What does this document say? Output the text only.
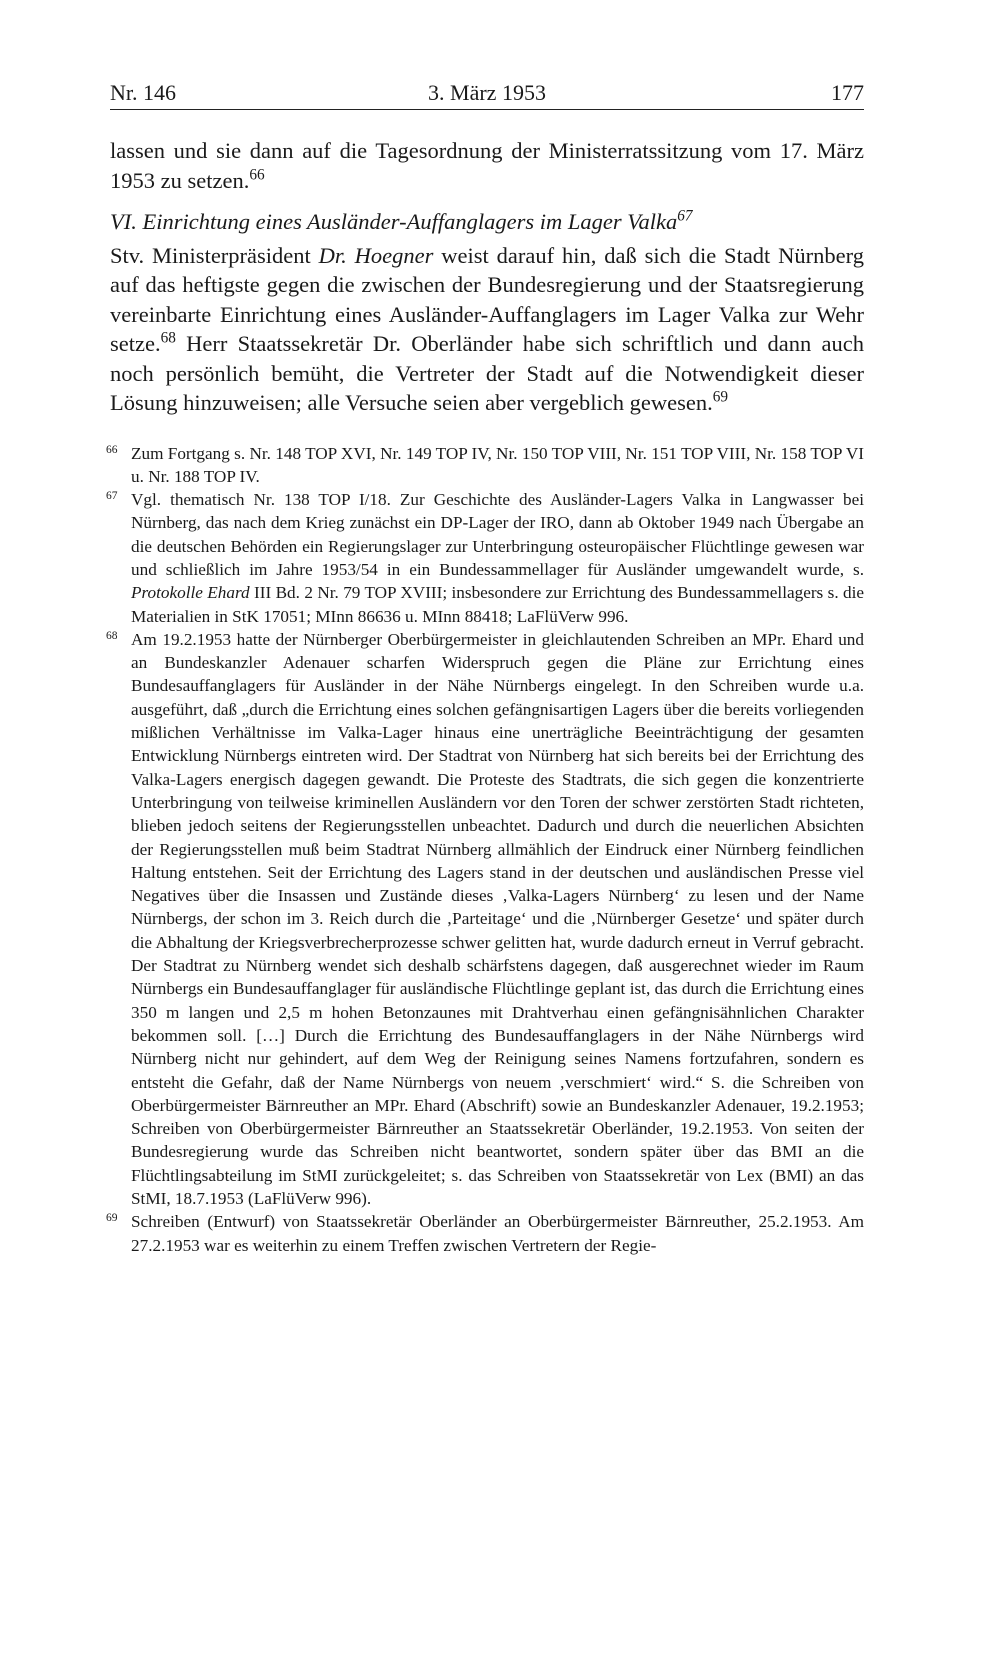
Nr. 146	3. März 1953	177

lassen und sie dann auf die Tagesordnung der Ministerratssitzung vom 17. März 1953 zu setzen.$^{66}$

VI. Einrichtung eines Ausländer-Auffanglagers im Lager Valka$^{67}$

Stv. Ministerpräsident Dr. Hoegner weist darauf hin, daß sich die Stadt Nürnberg auf das heftigste gegen die zwischen der Bundesregierung und der Staatsregierung vereinbarte Einrichtung eines Ausländer-Auffanglagers im Lager Valka zur Wehr setze.$^{68}$ Herr Staatssekretär Dr. Oberländer habe sich schriftlich und dann auch noch persönlich bemüht, die Vertreter der Stadt auf die Notwendigkeit dieser Lösung hinzuweisen; alle Versuche seien aber vergeblich gewesen.$^{69}$

66 Zum Fortgang s. Nr. 148 TOP XVI, Nr. 149 TOP IV, Nr. 150 TOP VIII, Nr. 151 TOP VIII, Nr. 158 TOP VI u. Nr. 188 TOP IV.

67 Vgl. thematisch Nr. 138 TOP I/18. Zur Geschichte des Ausländer-Lagers Valka in Langwasser bei Nürnberg, das nach dem Krieg zunächst ein DP-Lager der IRO, dann ab Oktober 1949 nach Übergabe an die deutschen Behörden ein Regierungslager zur Unterbringung osteuropäischer Flüchtlinge gewesen war und schließlich im Jahre 1953/54 in ein Bundessammellager für Ausländer umgewandelt wurde, s. Protokolle Ehard III Bd. 2 Nr. 79 TOP XVIII; insbesondere zur Errichtung des Bundessammellagers s. die Materialien in StK 17051; MInn 86636 u. MInn 88418; LaFlüVerw 996.

68 Am 19.2.1953 hatte der Nürnberger Oberbürgermeister in gleichlautenden Schreiben an MPr. Ehard und an Bundeskanzler Adenauer scharfen Widerspruch gegen die Pläne zur Errichtung eines Bundesauffanglagers für Ausländer in der Nähe Nürnbergs eingelegt. In den Schreiben wurde u.a. ausgeführt, daß „durch die Errichtung eines solchen gefängnisartigen Lagers über die bereits vorliegenden mißlichen Verhältnisse im Valka-Lager hinaus eine unerträgliche Beeinträchtigung der gesamten Entwicklung Nürnbergs eintreten wird. Der Stadtrat von Nürnberg hat sich bereits bei der Errichtung des Valka-Lagers energisch dagegen gewandt. Die Proteste des Stadtrats, die sich gegen die konzentrierte Unterbringung von teilweise kriminellen Ausländern vor den Toren der schwer zerstörten Stadt richteten, blieben jedoch seitens der Regierungsstellen unbeachtet. Dadurch und durch die neuerlichen Absichten der Regierungsstellen muß beim Stadtrat Nürnberg allmählich der Eindruck einer Nürnberg feindlichen Haltung entstehen. Seit der Errichtung des Lagers stand in der deutschen und ausländischen Presse viel Negatives über die Insassen und Zustände dieses ‚Valka-Lagers Nürnberg‘ zu lesen und der Name Nürnbergs, der schon im 3. Reich durch die ‚Parteitage‘ und die ‚Nürnberger Gesetze‘ und später durch die Abhaltung der Kriegsverbrecherprozesse schwer gelitten hat, wurde dadurch erneut in Verruf gebracht. Der Stadtrat zu Nürnberg wendet sich deshalb schärfstens dagegen, daß ausgerechnet wieder im Raum Nürnbergs ein Bundesauffanglager für ausländische Flüchtlinge geplant ist, das durch die Errichtung eines 350 m langen und 2,5 m hohen Betonzaunes mit Drahtverhau einen gefängnisähnlichen Charakter bekommen soll. […] Durch die Errichtung des Bundesauffanglagers in der Nähe Nürnbergs wird Nürnberg nicht nur gehindert, auf dem Weg der Reinigung seines Namens fortzufahren, sondern es entsteht die Gefahr, daß der Name Nürnbergs von neuem ‚verschmiert‘ wird.“ S. die Schreiben von Oberbürgermeister Bärnreuther an MPr. Ehard (Abschrift) sowie an Bundeskanzler Adenauer, 19.2.1953; Schreiben von Oberbürgermeister Bärnreuther an Staatssekretär Oberländer, 19.2.1953. Von seiten der Bundesregierung wurde das Schreiben nicht beantwortet, sondern später über das BMI an die Flüchtlingsabteilung im StMI zurückgeleitet; s. das Schreiben von Staatssekretär von Lex (BMI) an das StMI, 18.7.1953 (LaFlüVerw 996).

69 Schreiben (Entwurf) von Staatssekretär Oberländer an Oberbürgermeister Bärnreuther, 25.2.1953. Am 27.2.1953 war es weiterhin zu einem Treffen zwischen Vertretern der Regie-
